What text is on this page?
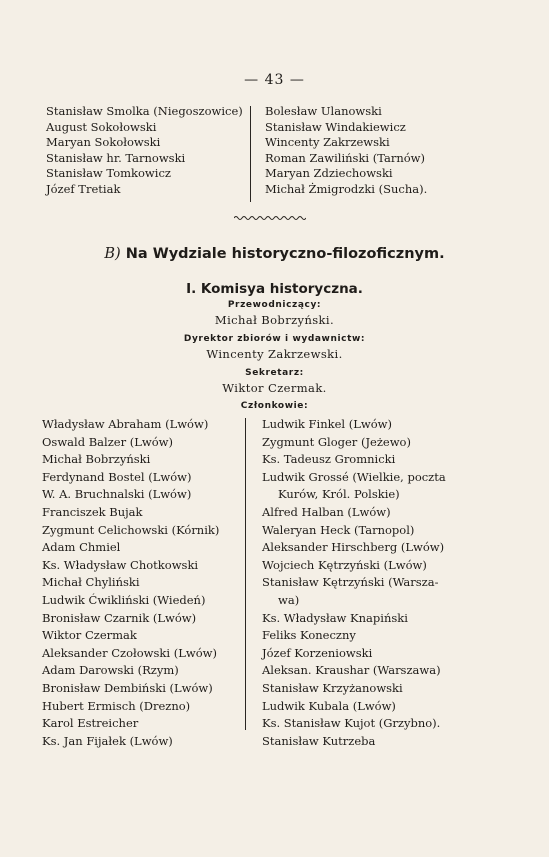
— 43 —
Stanisław Smolka (Niegoszowice)
August Sokołowski
Maryan Sokołowski
Stanisław hr. Tarnowski
Stanisław Tomkowicz
Józef Tretiak
Bolesław Ulanowski
Stanisław Windakiewicz
Wincenty Zakrzewski
Roman Zawiliński (Tarnów)
Maryan Zdziechowski
Michał Żmigrodzki (Sucha).
B) Na Wydziale historyczno-filozoficznym.
I. Komisya historyczna.
Przewodniczący:
Michał Bobrzyński.
Dyrektor zbiorów i wydawnictw:
Wincenty Zakrzewski.
Sekretarz:
Wiktor Czermak.
Członkowie:
Władysław Abraham (Lwów)
Oswald Balzer (Lwów)
Michał Bobrzyński
Ferdynand Bostel (Lwów)
W. A. Bruchnalski (Lwów)
Franciszek Bujak
Zygmunt Celichowski (Kórnik)
Adam Chmiel
Ks. Władysław Chotkowski
Michał Chyliński
Ludwik Ćwikliński (Wiedeń)
Bronisław Czarnik (Lwów)
Wiktor Czermak
Aleksander Czołowski (Lwów)
Adam Darowski (Rzym)
Bronisław Dembiński (Lwów)
Hubert Ermisch (Drezno)
Karol Estreicher
Ks. Jan Fijałek (Lwów)
Ludwik Finkel (Lwów)
Zygmunt Gloger (Jeżewo)
Ks. Tadeusz Gromnicki
Ludwik Grossé (Wielkie, poczta
Kurów, Król. Polskie)
Alfred Halban (Lwów)
Waleryan Heck (Tarnopol)
Aleksander Hirschberg (Lwów)
Wojciech Kętrzyński (Lwów)
Stanisław Kętrzyński (Warsza-
wa)
Ks. Władysław Knapiński
Feliks Koneczny
Józef Korzeniowski
Aleksan. Kraushar (Warszawa)
Stanisław Krzyżanowski
Ludwik Kubala (Lwów)
Ks. Stanisław Kujot (Grzybno).
Stanisław Kutrzeba
